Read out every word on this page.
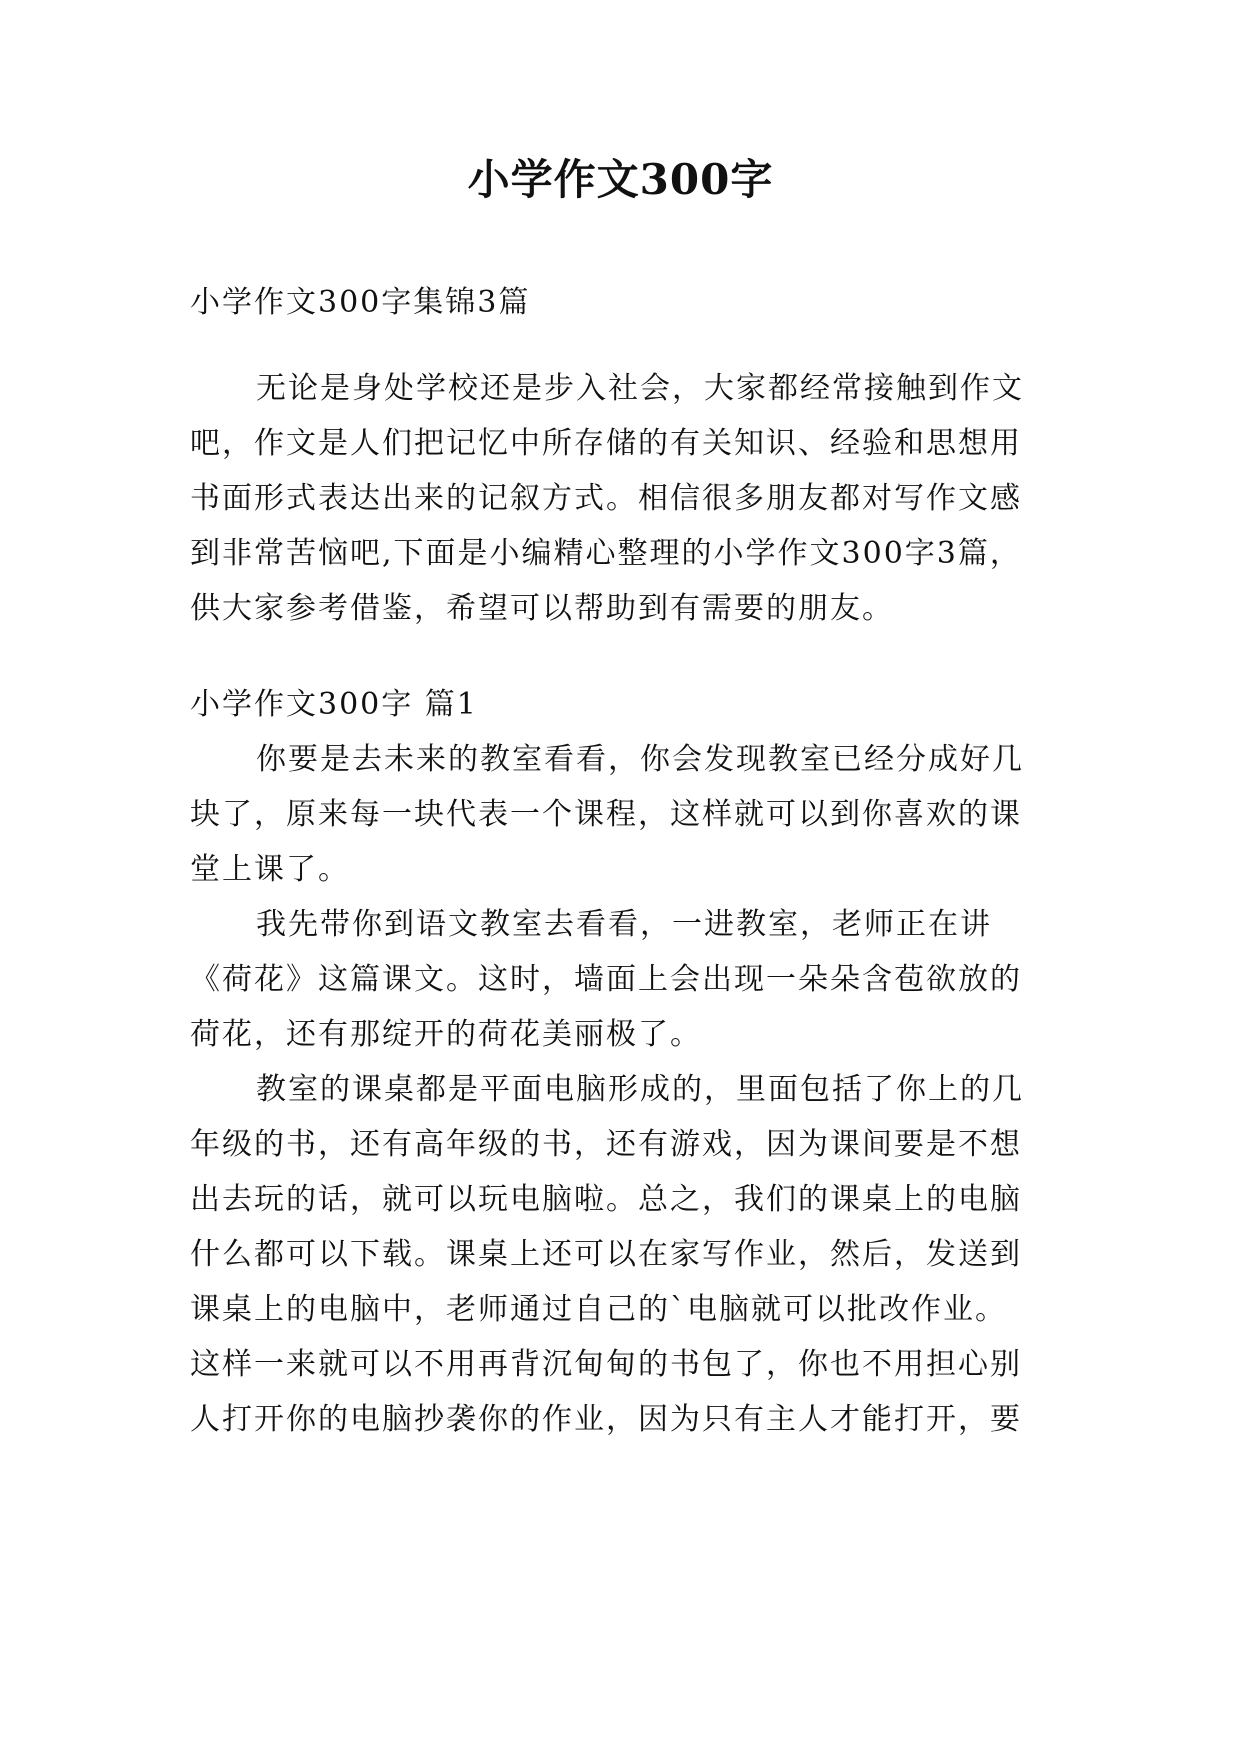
小学作文300字
小学作文300字集锦3篇
无论是身处学校还是步入社会，大家都经常接触到作文
吧，作文是人们把记忆中所存储的有关知识、经验和思想用
书面形式表达出来的记叙方式。相信很多朋友都对写作文感
到非常苦恼吧,下面是小编精心整理的小学作文300字3篇，
供大家参考借鉴，希望可以帮助到有需要的朋友。
小学作文300字 篇1
你要是去未来的教室看看，你会发现教室已经分成好几
块了，原来每一块代表一个课程，这样就可以到你喜欢的课
堂上课了。
我先带你到语文教室去看看，一进教室，老师正在讲
《荷花》这篇课文。这时，墙面上会出现一朵朵含苞欲放的
荷花，还有那绽开的荷花美丽极了。
教室的课桌都是平面电脑形成的，里面包括了你上的几
年级的书，还有高年级的书，还有游戏，因为课间要是不想
出去玩的话，就可以玩电脑啦。总之，我们的课桌上的电脑
什么都可以下载。课桌上还可以在家写作业，然后，发送到
课桌上的电脑中，老师通过自己的`电脑就可以批改作业。
这样一来就可以不用再背沉甸甸的书包了，你也不用担心别
人打开你的电脑抄袭你的作业，因为只有主人才能打开，要
